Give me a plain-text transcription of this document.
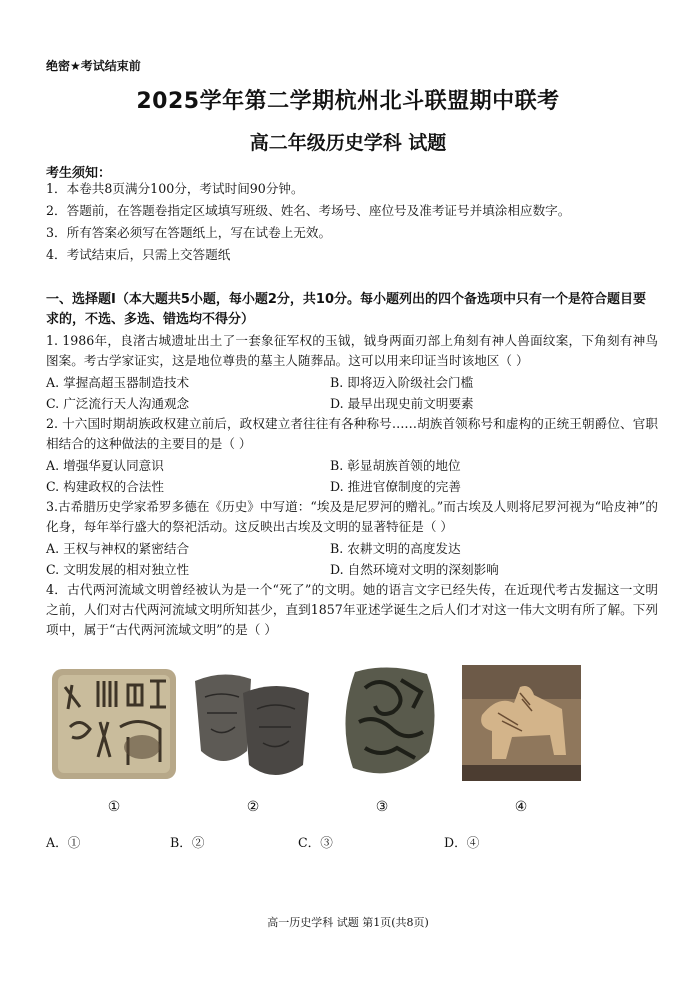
绝密★考试结束前
2025学年第二学期杭州北斗联盟期中联考
高二年级历史学科 试题
考生须知：
1．本卷共8页满分100分，考试时间90分钟。
2．答题前，在答题卷指定区域填写班级、姓名、考场号、座位号及准考证号并填涂相应数字。
3．所有答案必须写在答题纸上，写在试卷上无效。
4．考试结束后，只需上交答题纸
一、选择题Ⅰ（本大题共5小题，每小题2分，共10分。每小题列出的四个备选项中只有一个是符合题目要求的，不选、多选、错选均不得分）
1. 1986年，良渚古城遗址出土了一套象征军权的玉钺，钺身两面刃部上角刻有神人兽面纹案，下角刻有神鸟图案。考古学家证实，这是地位尊贵的墓主人随葬品。这可以用来印证当时该地区（ ）
A. 掌握高超玉器制造技术	B. 即将迈入阶级社会门槛
C. 广泛流行天人沟通观念	D. 最早出现史前文明要素
2. 十六国时期胡族政权建立前后，政权建立者往往有各种称号……胡族首领称号和虚构的正统王朝爵位、官职相结合的这种做法的主要目的是（ ）
A. 增强华夏认同意识	B. 彰显胡族首领的地位
C. 构建政权的合法性	D. 推进官僚制度的完善
3.古希腊历史学家希罗多德在《历史》中写道：“埃及是尼罗河的赠礼。”而古埃及人则将尼罗河视为“哈皮神”的化身，每年举行盛大的祭祀活动。这反映出古埃及文明的显著特征是（ ）
A. 王权与神权的紧密结合	B. 农耕文明的高度发达
C. 文明发展的相对独立性	D. 自然环境对文明的深刻影响
4．古代两河流域文明曾经被认为是一个“死了”的文明。她的语言文字已经失传，在近现代考古发掘这一文明之前，人们对古代两河流域文明所知甚少，直到1857年亚述学诞生之后人们才对这一伟大文明有所了解。下列项中，属于“古代两河流域文明”的是（ ）
①	②	③	④
A．①	B．②	C．③	D．④
高一历史学科 试题 第1页(共8页)
